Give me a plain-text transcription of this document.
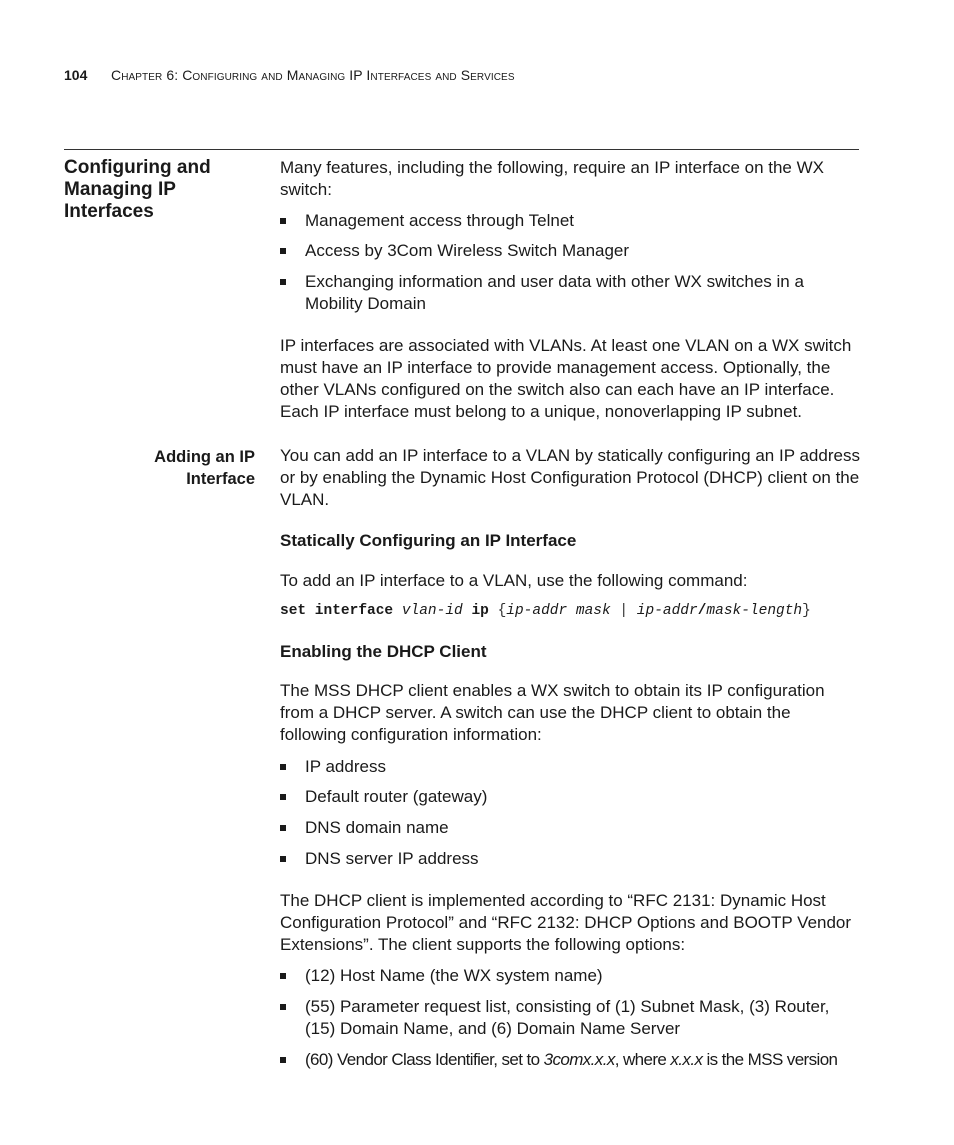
104 Chapter 6: Configuring and Managing IP Interfaces and Services
Configuring and Managing IP Interfaces
Many features, including the following, require an IP interface on the WX switch:
Management access through Telnet
Access by 3Com Wireless Switch Manager
Exchanging information and user data with other WX switches in a Mobility Domain
IP interfaces are associated with VLANs. At least one VLAN on a WX switch must have an IP interface to provide management access. Optionally, the other VLANs configured on the switch also can each have an IP interface. Each IP interface must belong to a unique, nonoverlapping IP subnet.
Adding an IP Interface
You can add an IP interface to a VLAN by statically configuring an IP address or by enabling the Dynamic Host Configuration Protocol (DHCP) client on the VLAN.
Statically Configuring an IP Interface
To add an IP interface to a VLAN, use the following command:
set interface vlan-id ip {ip-addr mask | ip-addr/mask-length}
Enabling the DHCP Client
The MSS DHCP client enables a WX switch to obtain its IP configuration from a DHCP server. A switch can use the DHCP client to obtain the following configuration information:
IP address
Default router (gateway)
DNS domain name
DNS server IP address
The DHCP client is implemented according to “RFC 2131: Dynamic Host Configuration Protocol” and “RFC 2132: DHCP Options and BOOTP Vendor Extensions”. The client supports the following options:
(12) Host Name (the WX system name)
(55) Parameter request list, consisting of (1) Subnet Mask, (3) Router, (15) Domain Name, and (6) Domain Name Server
(60) Vendor Class Identifier, set to 3comx.x.x, where x.x.x is the MSS version
